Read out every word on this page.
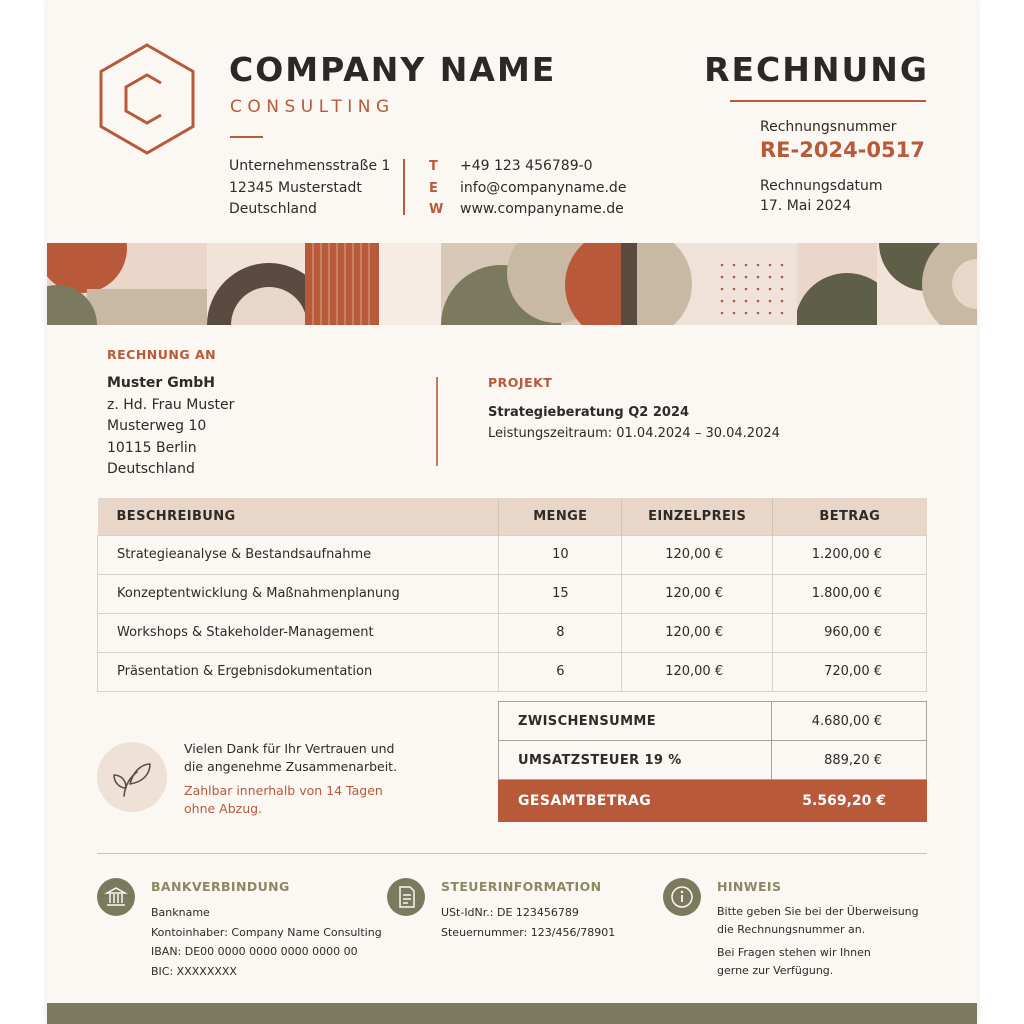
COMPANY NAME
CONSULTING
Unternehmensstraße 1
12345 Musterstadt
Deutschland
T	+49 123 456789-0
E	info@companyname.de
W	www.companyname.de
RECHNUNG
Rechnungsnummer
RE-2024-0517
Rechnungsdatum
17. Mai 2024
RECHNUNG AN
Muster GmbH
z. Hd. Frau Muster
Musterweg 10
10115 Berlin
Deutschland
PROJEKT
Strategieberatung Q2 2024
Leistungszeitraum: 01.04.2024 – 30.04.2024
BESCHREIBUNG	MENGE	EINZELPREIS	BETRAG
Strategieanalyse & Bestandsaufnahme	10	120,00 €	1.200,00 €
Konzeptentwicklung & Maßnahmenplanung	15	120,00 €	1.800,00 €
Workshops & Stakeholder-Management	8	120,00 €	960,00 €
Präsentation & Ergebnisdokumentation	6	120,00 €	720,00 €
ZWISCHENSUMME	4.680,00 €
UMSATZSTEUER 19 %	889,20 €
GESAMTBETRAG	5.569,20 €
Vielen Dank für Ihr Vertrauen und
die angenehme Zusammenarbeit.
Zahlbar innerhalb von 14 Tagen
ohne Abzug.
BANKVERBINDUNG
Bankname
Kontoinhaber: Company Name Consulting
IBAN: DE00 0000 0000 0000 0000 00
BIC: XXXXXXXX
STEUERINFORMATION
USt-IdNr.: DE 123456789
Steuernummer: 123/456/78901
HINWEIS
Bitte geben Sie bei der Überweisung
die Rechnungsnummer an.
Bei Fragen stehen wir Ihnen
gerne zur Verfügung.
